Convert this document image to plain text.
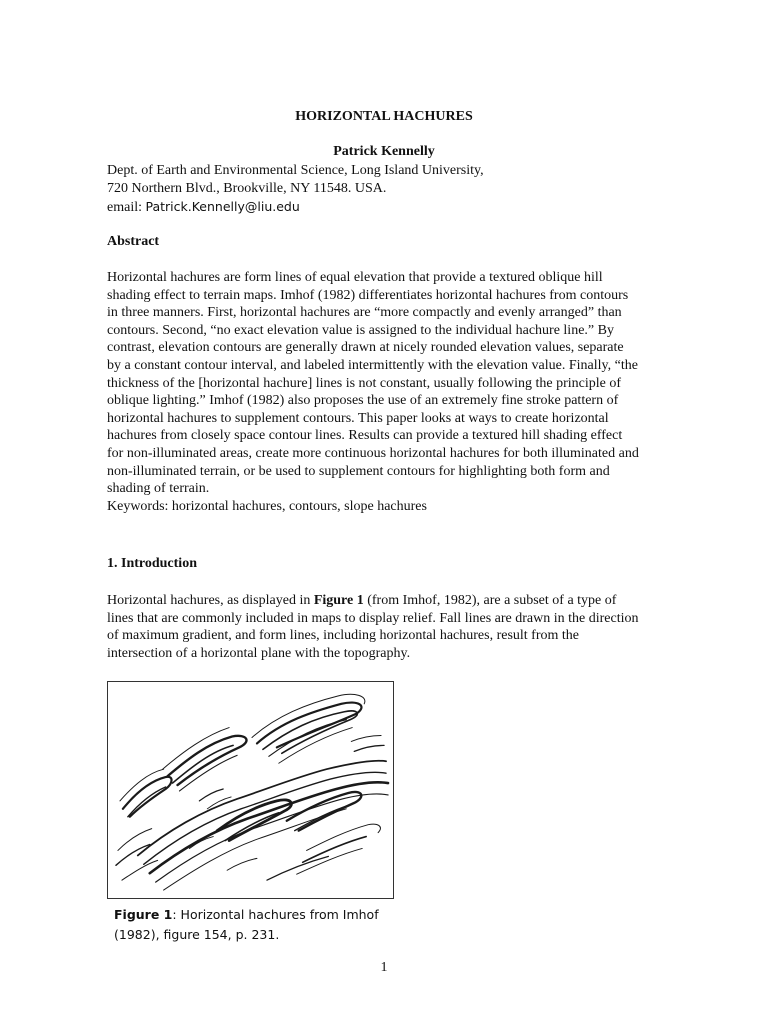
HORIZONTAL HACHURES
Patrick Kennelly
Dept. of Earth and Environmental Science, Long Island University,
720 Northern Blvd., Brookville, NY 11548. USA.
email: Patrick.Kennelly@liu.edu
Abstract
Horizontal hachures are form lines of equal elevation that provide a textured oblique hill
shading effect to terrain maps. Imhof (1982) differentiates horizontal hachures from contours
in three manners. First, horizontal hachures are “more compactly and evenly arranged” than
contours. Second, “no exact elevation value is assigned to the individual hachure line.” By
contrast, elevation contours are generally drawn at nicely rounded elevation values, separate
by a constant contour interval, and labeled intermittently with the elevation value. Finally, “the
thickness of the [horizontal hachure] lines is not constant, usually following the principle of
oblique lighting.” Imhof (1982) also proposes the use of an extremely fine stroke pattern of
horizontal hachures to supplement contours. This paper looks at ways to create horizontal
hachures from closely space contour lines. Results can provide a textured hill shading effect
for non-illuminated areas, create more continuous horizontal hachures for both illuminated and
non-illuminated terrain, or be used to supplement contours for highlighting both form and
shading of terrain.
Keywords: horizontal hachures, contours, slope hachures
1. Introduction
Horizontal hachures, as displayed in Figure 1 (from Imhof, 1982), are a subset of a type of
lines that are commonly included in maps to display relief. Fall lines are drawn in the direction
of maximum gradient, and form lines, including horizontal hachures, result from the
intersection of a horizontal plane with the topography.
Figure 1: Horizontal hachures from Imhof
(1982), figure 154, p. 231.
1
